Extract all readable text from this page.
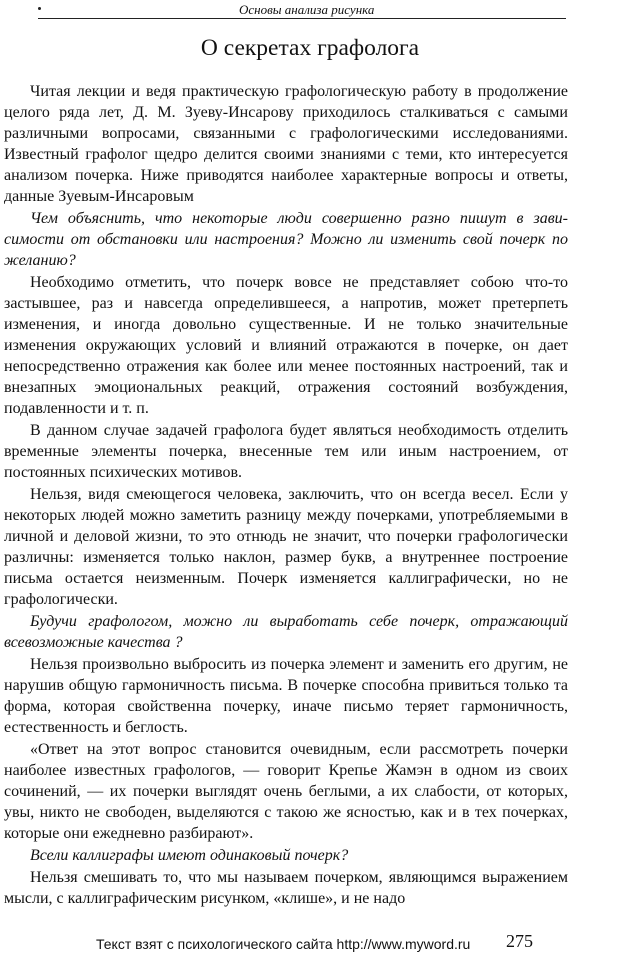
Основы анализа рисунка
О секретах графолога

Читая лекции и ведя практическую графологическую работу в продолжение целого ряда лет, Д. М. Зуеву-Инсарову приходилось сталкиваться с самыми различными вопросами, связанными с графологическими исследованиями. Известный графолог щедро делится своими знаниями с теми, кто интересуется анализом почерка. Ниже приводятся наиболее характерные вопросы и ответы, данные Зуевым-Инсаровым

Чем объяснить, что некоторые люди совершенно разно пишут в зависимости от обстановки или настроения? Можно ли изменить свой почерк по желанию?

Необходимо отметить, что почерк вовсе не представляет собою что-то застывшее, раз и навсегда определившееся, а напротив, может претерпеть изменения, и иногда довольно существенные. И не только значительные изменения окружающих условий и влияний отражаются в почерке, он дает непосредственно отражения как более или менее постоянных настроений, так и внезапных эмоциональных реакций, отражения состояний возбуждения, подавленности и т. п.

В данном случае задачей графолога будет являться необходимость отделить временные элементы почерка, внесенные тем или иным настроением, от постоянных психических мотивов.

Нельзя, видя смеющегося человека, заключить, что он всегда весел. Если у некоторых людей можно заметить разницу между почерками, употребляемыми в личной и деловой жизни, то это отнюдь не значит, что почерки графологически различны: изменяется только наклон, размер букв, а внутреннее построение письма остается неизменным. Почерк изменяется каллиграфически, но не графологически.

Будучи графологом, можно ли выработать себе почерк, отражающий всевозможные качества ?

Нельзя произвольно выбросить из почерка элемент и заменить его другим, не нарушив общую гармоничность письма. В почерке способна привиться только та форма, которая свойственна почерку, иначе письмо теряет гармоничность, естественность и беглость.

«Ответ на этот вопрос становится очевидным, если рассмотреть почерки наиболее известных графологов, — говорит Крепье Жамэн в одном из своих сочинений, — их почерки выглядят очень беглыми, а их слабости, от которых, увы, никто не свободен, выделяются с такою же ясностью, как и в тех почерках, которые они ежедневно разбирают».

Всели каллиграфы имеют одинаковый почерк?

Нельзя смешивать то, что мы называем почерком, являющимся выражением мысли, с каллиграфическим рисунком, «клише», и не надо

Текст взят с психологического сайта http://www.myword.ru 275
